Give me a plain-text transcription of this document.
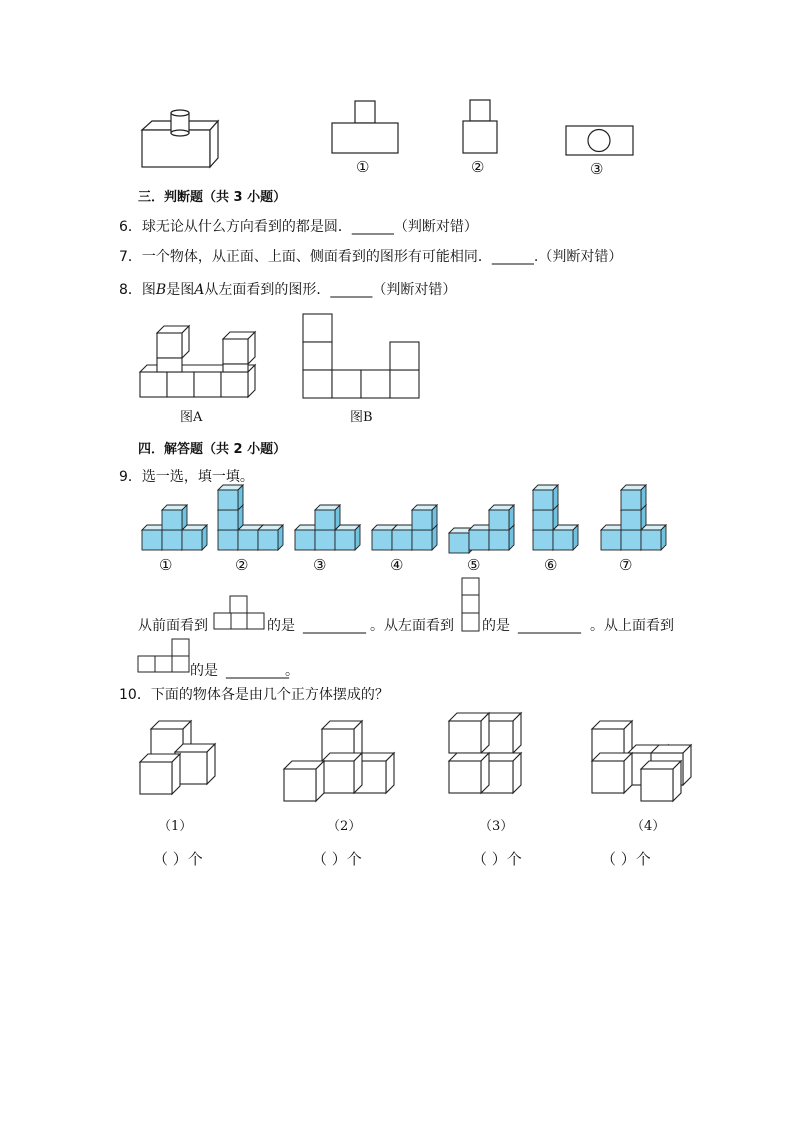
①	②	③
三．判断题（共 3 小题）
6．球无论从什么方向看到的都是圆．______（判断对错）
7．一个物体，从正面、上面、侧面看到的图形有可能相同．______.（判断对错）
8．图B是图A从左面看到的图形．______（判断对错）
图A	图B
四．解答题（共 2 小题）
9．选一选，填一填。
①	②	③	④	⑤	⑥	⑦
从前面看到	的是 _________ 。从左面看到 的是 _________ 。从上面看到
的是 _________
。
10．下面的物体各是由几个正方体摆成的？
（1）	（2）	（3）	（4）
（ ）个	（ ）个	（ ）个	（ ）个
